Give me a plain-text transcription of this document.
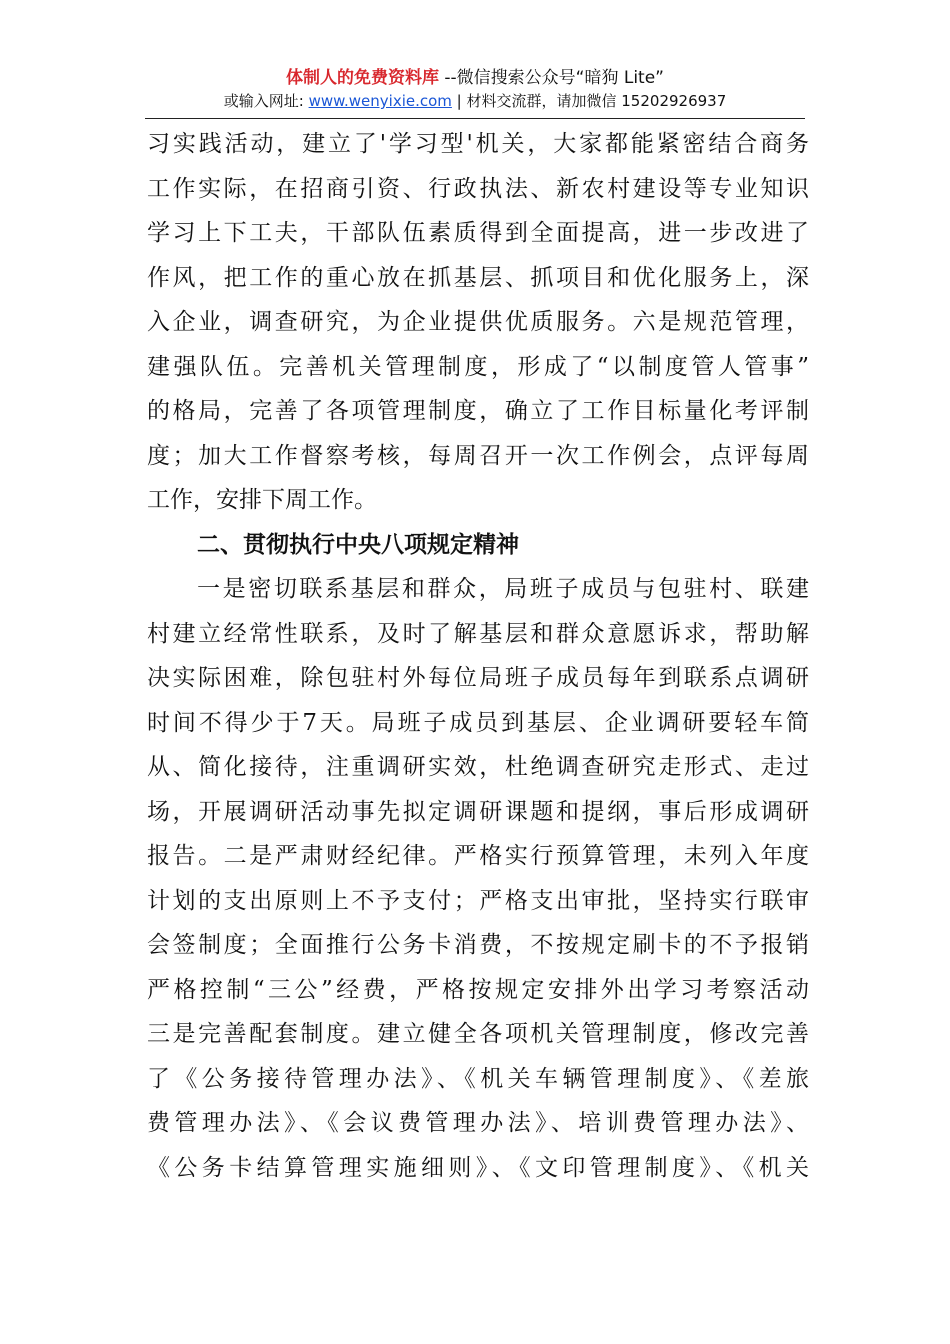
体制人的免费资料库 --微信搜索公众号“暗狗 Lite”
或输入网址: www.wenyixie.com | 材料交流群，请加微信 15202926937
习实践活动，建立了'学习型'机关，大家都能紧密结合商务
工作实际，在招商引资、行政执法、新农村建设等专业知识
学习上下工夫，干部队伍素质得到全面提高，进一步改进了
作风，把工作的重心放在抓基层、抓项目和优化服务上，深
入企业，调查研究，为企业提供优质服务。六是规范管理，
建强队伍。完善机关管理制度，形成了“以制度管人管事”
的格局，完善了各项管理制度，确立了工作目标量化考评制
度；加大工作督察考核，每周召开一次工作例会，点评每周
工作，安排下周工作。
二、贯彻执行中央八项规定精神
一是密切联系基层和群众，局班子成员与包驻村、联建
村建立经常性联系，及时了解基层和群众意愿诉求，帮助解
决实际困难，除包驻村外每位局班子成员每年到联系点调研
时间不得少于7天。局班子成员到基层、企业调研要轻车简
从、简化接待，注重调研实效，杜绝调查研究走形式、走过
场，开展调研活动事先拟定调研课题和提纲，事后形成调研
报告。二是严肃财经纪律。严格实行预算管理，未列入年度
计划的支出原则上不予支付；严格支出审批，坚持实行联审
会签制度；全面推行公务卡消费，不按规定刷卡的不予报销
严格控制“三公”经费，严格按规定安排外出学习考察活动
三是完善配套制度。建立健全各项机关管理制度，修改完善
了《公务接待管理办法》、《机关车辆管理制度》、《差旅
费管理办法》、《会议费管理办法》、培训费管理办法》、
《公务卡结算管理实施细则》、《文印管理制度》、《机关
